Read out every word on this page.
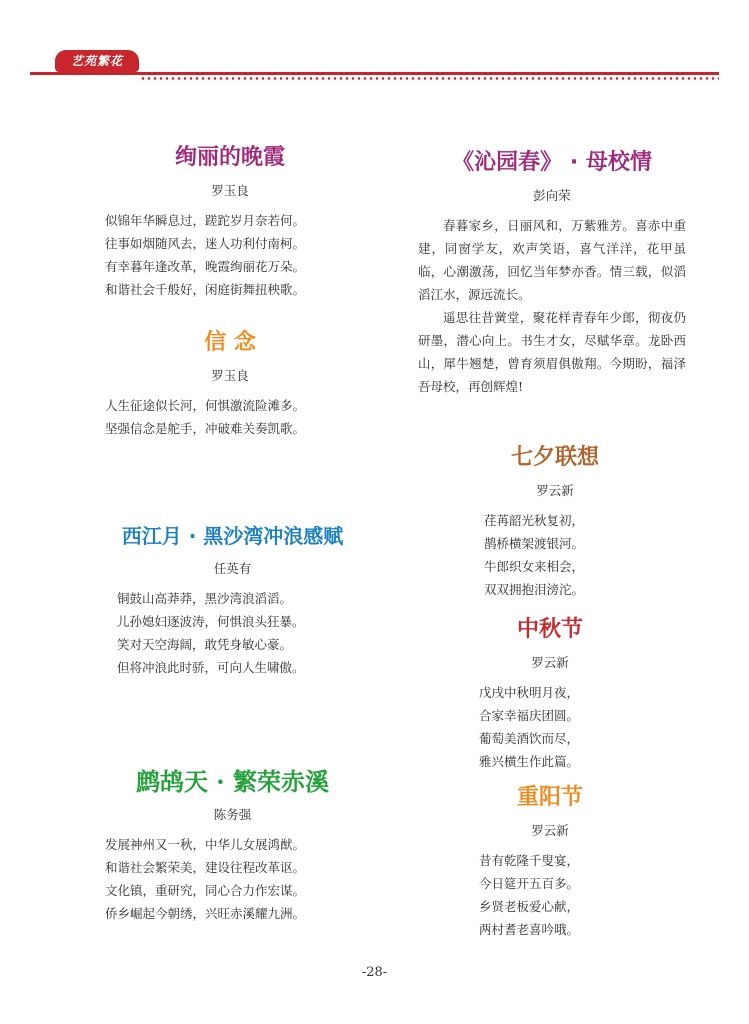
艺苑繁花
绚丽的晚霞
罗玉良
似锦年华瞬息过，蹉跎岁月奈若何。
往事如烟随风去，迷人功利付南柯。
有幸暮年逢改革，晚霞绚丽花万朵。
和谐社会千般好，闲庭街舞扭秧歌。
信 念
罗玉良
人生征途似长河，何惧激流险滩多。
坚强信念是舵手，冲破难关奏凯歌。
西江月 · 黑沙湾冲浪感赋
任英有
铜鼓山高莽莽，黑沙湾浪滔滔。
儿孙媳妇逐波涛，何惧浪头狂暴。
笑对天空海阔，敢凭身敏心豪。
但将冲浪此时骄，可向人生啸傲。
鹧鸪天 · 繁荣赤溪
陈务强
发展神州又一秋，中华儿女展鸿猷。
和谐社会繁荣美，建设往程改革讴。
文化镇，重研究，同心合力作宏谋。
侨乡崛起今朝绣，兴旺赤溪耀九洲。
《沁园春》 · 母校情
彭向荣
春暮家乡，日丽风和，万紫雅芳。喜赤中重建，同窗学友，欢声笑语，喜气洋洋，花甲虽临，心潮激荡，回忆当年梦亦香。情三载，似滔滔江水，源远流长。
遥思往昔黉堂，聚花样青春年少郎，彻夜仍研墨，潜心向上。书生才女，尽赋华章。龙卧西山，犀牛翘楚，曾育须眉俱傲翔。今期盼，福泽吾母校，再创辉煌!
七夕联想
罗云新
荏苒韶光秋复初，
鹊桥横架渡银河。
牛郎织女来相会，
双双拥抱泪滂沱。
中秋节
罗云新
戊戌中秋明月夜，
合家幸福庆团圆。
葡萄美酒饮而尽，
雅兴横生作此篇。
重阳节
罗云新
昔有乾隆千叟宴，
今日筵开五百多。
乡贤老板爱心献，
两村耆老喜吟哦。
-28-
